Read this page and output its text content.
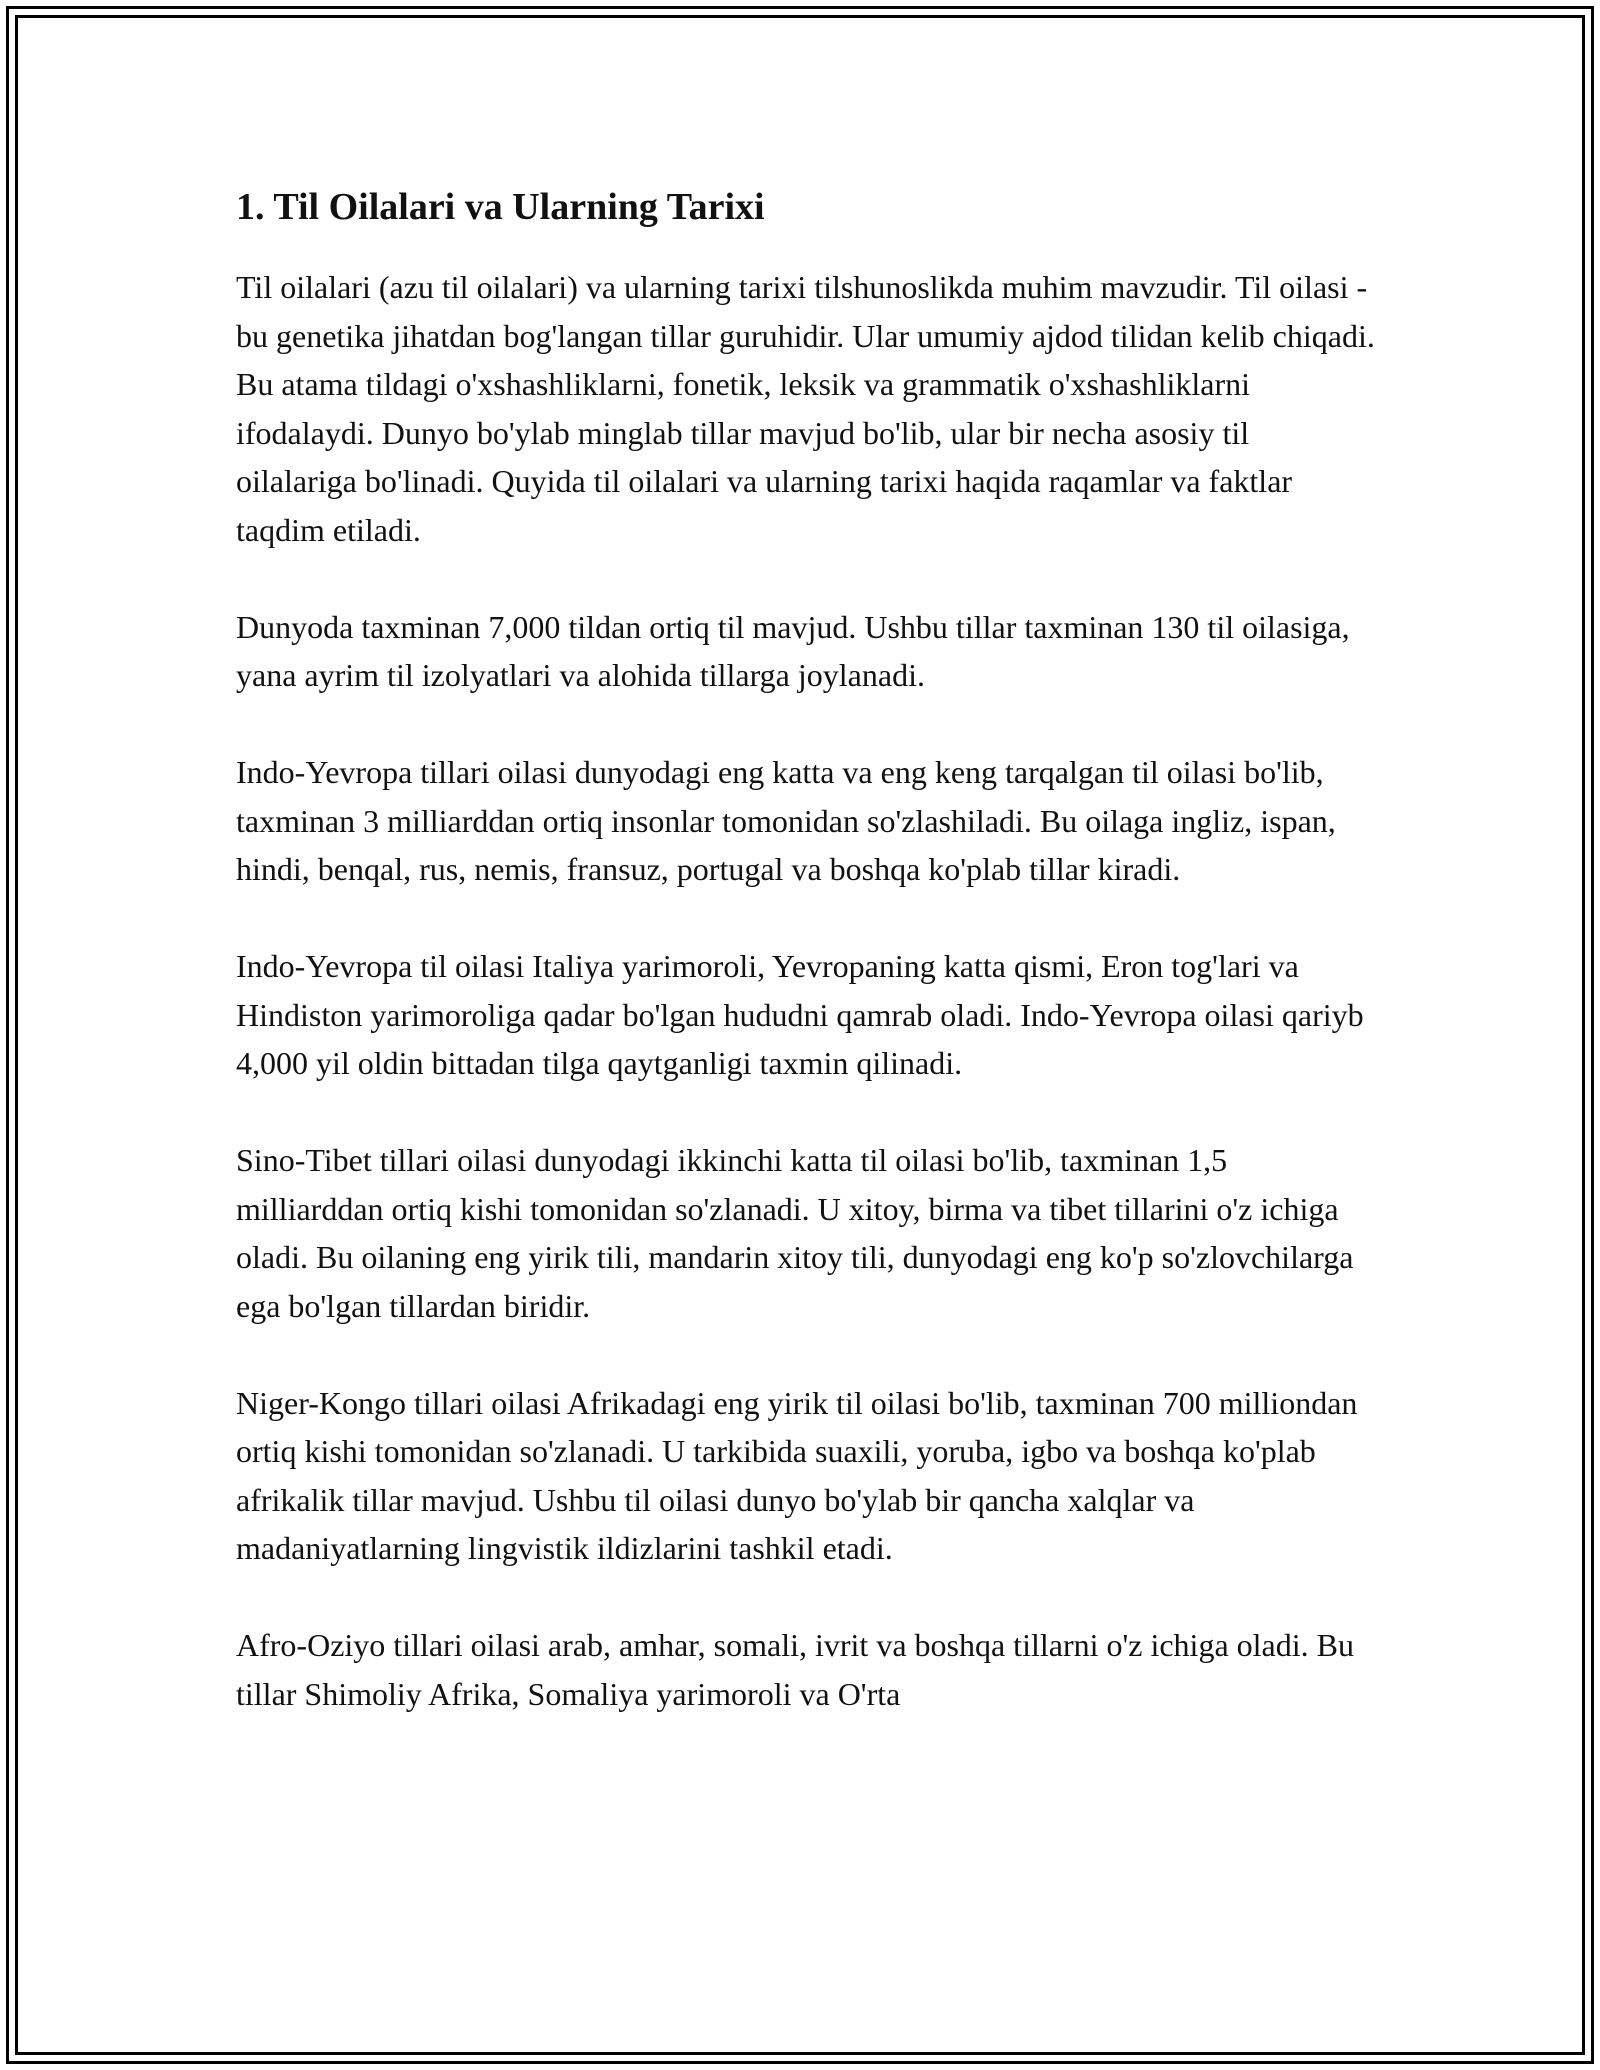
1. Til Oilalari va Ularning Tarixi

Til oilalari (azu til oilalari) va ularning tarixi tilshunoslikda muhim mavzudir. Til oilasi - bu genetika jihatdan bog'langan tillar guruhidir. Ular umumiy ajdod tilidan kelib chiqadi. Bu atama tildagi o'xshashliklarni, fonetik, leksik va grammatik o'xshashliklarni ifodalaydi. Dunyo bo'ylab minglab tillar mavjud bo'lib, ular bir necha asosiy til oilalariga bo'linadi. Quyida til oilalari va ularning tarixi haqida raqamlar va faktlar taqdim etiladi.

Dunyoda taxminan 7,000 tildan ortiq til mavjud. Ushbu tillar taxminan 130 til oilasiga, yana ayrim til izolyatlari va alohida tillarga joylanadi.

Indo-Yevropa tillari oilasi dunyodagi eng katta va eng keng tarqalgan til oilasi bo'lib, taxminan 3 milliarddan ortiq insonlar tomonidan so'zlashiladi. Bu oilaga ingliz, ispan, hindi, benqal, rus, nemis, fransuz, portugal va boshqa ko'plab tillar kiradi.

Indo-Yevropa til oilasi Italiya yarimoroli, Yevropaning katta qismi, Eron tog'lari va Hindiston yarimoroliga qadar bo'lgan hududni qamrab oladi. Indo-Yevropa oilasi qariyb 4,000 yil oldin bittadan tilga qaytganligi taxmin qilinadi.

Sino-Tibet tillari oilasi dunyodagi ikkinchi katta til oilasi bo'lib, taxminan 1,5 milliarddan ortiq kishi tomonidan so'zlanadi. U xitoy, birma va tibet tillarini o'z ichiga oladi. Bu oilaning eng yirik tili, mandarin xitoy tili, dunyodagi eng ko'p so'zlovchilarga ega bo'lgan tillardan biridir.

Niger-Kongo tillari oilasi Afrikadagi eng yirik til oilasi bo'lib, taxminan 700 milliondan ortiq kishi tomonidan so'zlanadi. U tarkibida suaxili, yoruba, igbo va boshqa ko'plab afrikalik tillar mavjud. Ushbu til oilasi dunyo bo'ylab bir qancha xalqlar va madaniyatlarning lingvistik ildizlarini tashkil etadi.

Afro-Oziyo tillari oilasi arab, amhar, somali, ivrit va boshqa tillarni o'z ichiga oladi. Bu tillar Shimoliy Afrika, Somaliya yarimoroli va O'rta
